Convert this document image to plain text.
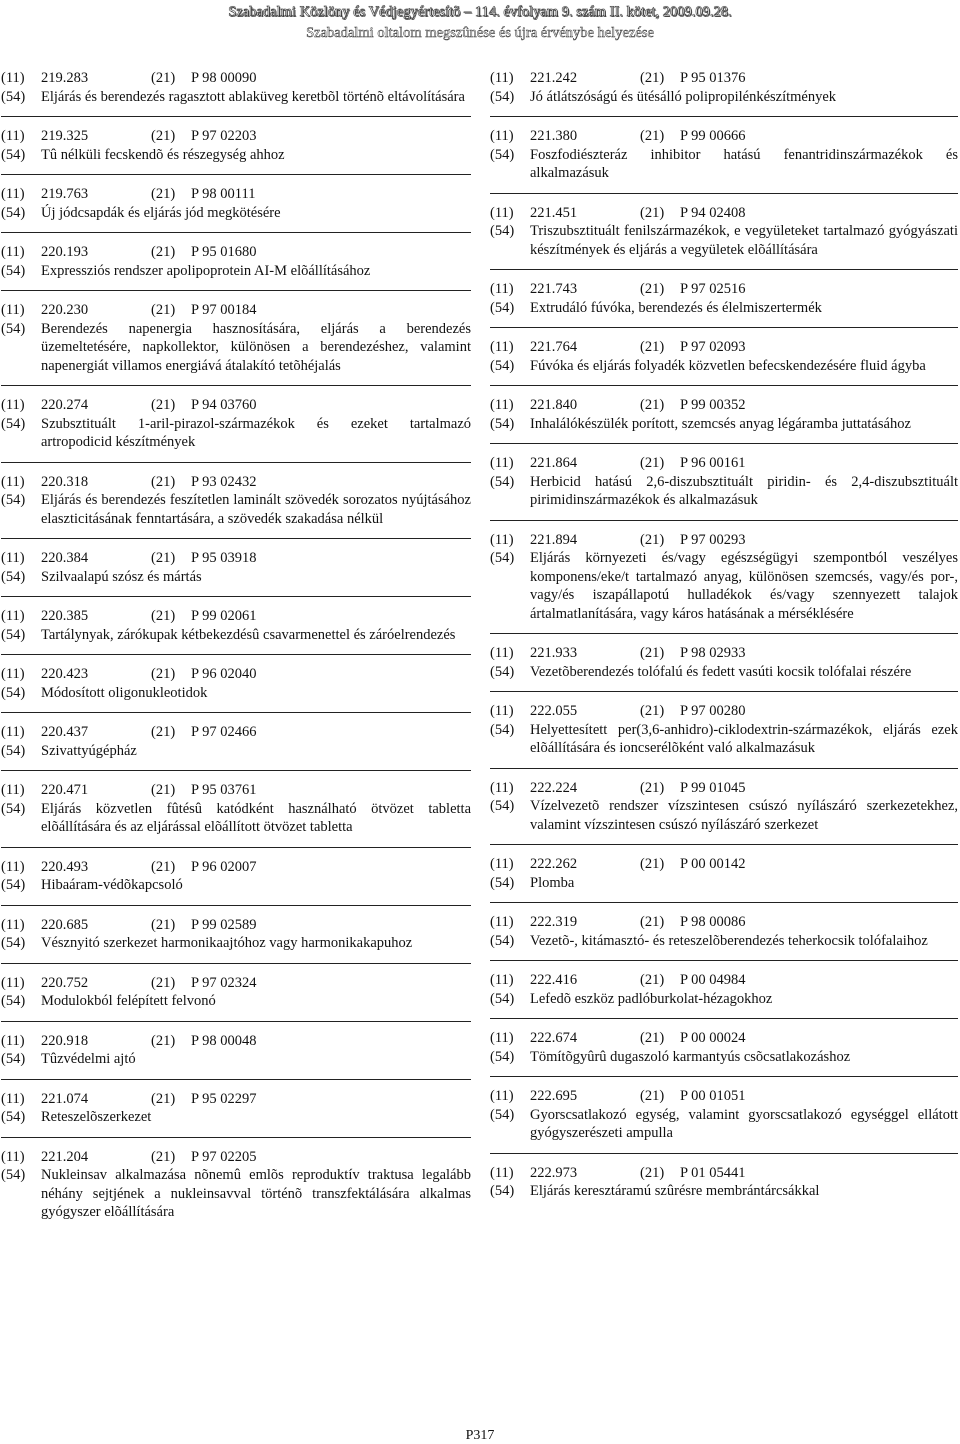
Szabadalmi Közlöny és Védjegyértesítõ – 114. évfolyam 9. szám II. kötet, 2009.09.28.
Szabadalmi oltalom megszûnése és újra érvénybe helyezése
(11)	219.283	(21)	P 98 00090
(54)	Eljárás és berendezés ragasztott ablaküveg keretbõl történõ eltávolítására
(11)	219.325	(21)	P 97 02203
(54)	Tû nélküli fecskendõ és részegység ahhoz
(11)	219.763	(21)	P 98 00111
(54)	Új jódcsapdák és eljárás jód megkötésére
(11)	220.193	(21)	P 95 01680
(54)	Expressziós rendszer apolipoprotein AI-M elõállításához
(11)	220.230	(21)	P 97 00184
(54)	Berendezés napenergia hasznosítására, eljárás a berendezés üzemeltetésére, napkollektor, különösen a berendezéshez, valamint napenergiát villamos energiává átalakító tetõhéjalás
(11)	220.274	(21)	P 94 03760
(54)	Szubsztituált 1-aril-pirazol-származékok és ezeket tartalmazó artropodicid készítmények
(11)	220.318	(21)	P 93 02432
(54)	Eljárás és berendezés feszítetlen laminált szövedék sorozatos nyújtásához elaszticitásának fenntartására, a szövedék szakadása nélkül
(11)	220.384	(21)	P 95 03918
(54)	Szilvaalapú szósz és mártás
(11)	220.385	(21)	P 99 02061
(54)	Tartálynyak, zárókupak kétbekezdésû csavarmenettel és záróelrendezés
(11)	220.423	(21)	P 96 02040
(54)	Módosított oligonukleotidok
(11)	220.437	(21)	P 97 02466
(54)	Szivattyúgépház
(11)	220.471	(21)	P 95 03761
(54)	Eljárás közvetlen fûtésû katódként használható ötvözet tabletta elõállítására és az eljárással elõállított ötvözet tabletta
(11)	220.493	(21)	P 96 02007
(54)	Hibaáram-védõkapcsoló
(11)	220.685	(21)	P 99 02589
(54)	Vésznyitó szerkezet harmonikaajtóhoz vagy harmonikakapuhoz
(11)	220.752	(21)	P 97 02324
(54)	Modulokból felépített felvonó
(11)	220.918	(21)	P 98 00048
(54)	Tûzvédelmi ajtó
(11)	221.074	(21)	P 95 02297
(54)	Reteszelõszerkezet
(11)	221.204	(21)	P 97 02205
(54)	Nukleinsav alkalmazása nõnemû emlõs reproduktív traktusa legalább néhány sejtjének a nukleinsavval történõ transzfektálására alkalmas gyógyszer elõállítására
(11)	221.242	(21)	P 95 01376
(54)	Jó átlátszóságú és ütésálló polipropilénkészítmények
(11)	221.380	(21)	P 99 00666
(54)	Foszfodiészteráz inhibitor hatású fenantridinszármazékok és alkalmazásuk
(11)	221.451	(21)	P 94 02408
(54)	Triszubsztituált fenilszármazékok, e vegyületeket tartalmazó gyógyászati készítmények és eljárás a vegyületek elõállítására
(11)	221.743	(21)	P 97 02516
(54)	Extrudáló fúvóka, berendezés és élelmiszertermék
(11)	221.764	(21)	P 97 02093
(54)	Fúvóka és eljárás folyadék közvetlen befecskendezésére fluid ágyba
(11)	221.840	(21)	P 99 00352
(54)	Inhalálókészülék porított, szemcsés anyag légáramba juttatásához
(11)	221.864	(21)	P 96 00161
(54)	Herbicid hatású 2,6-diszubsztituált piridin- és 2,4-diszubsztituált pirimidinszármazékok és alkalmazásuk
(11)	221.894	(21)	P 97 00293
(54)	Eljárás környezeti és/vagy egészségügyi szempontból veszélyes komponens/eke/t tartalmazó anyag, különösen szemcsés, vagy/és por-, vagy/és iszapállapotú hulladékok és/vagy szennyezett talajok ártalmatlanítására, vagy káros hatásának a mérséklésére
(11)	221.933	(21)	P 98 02933
(54)	Vezetõberendezés tolófalú és fedett vasúti kocsik tolófalai részére
(11)	222.055	(21)	P 97 00280
(54)	Helyettesített per(3,6-anhidro)-ciklodextrin-származékok, eljárás ezek elõállítására és ioncserélõként való alkalmazásuk
(11)	222.224	(21)	P 99 01045
(54)	Vízelvezetõ rendszer vízszintesen csúszó nyílászáró szerkezetekhez, valamint vízszintesen csúszó nyílászáró szerkezet
(11)	222.262	(21)	P 00 00142
(54)	Plomba
(11)	222.319	(21)	P 98 00086
(54)	Vezetõ-, kitámasztó- és reteszelõberendezés teherkocsik tolófalaihoz
(11)	222.416	(21)	P 00 04984
(54)	Lefedõ eszköz padlóburkolat-hézagokhoz
(11)	222.674	(21)	P 00 00024
(54)	Tömítõgyûrû dugaszoló karmantyús csõcsatlakozáshoz
(11)	222.695	(21)	P 00 01051
(54)	Gyorscsatlakozó egység, valamint gyorscsatlakozó egységgel ellátott gyógyszerészeti ampulla
(11)	222.973	(21)	P 01 05441
(54)	Eljárás keresztáramú szûrésre membrántárcsákkal
P317
